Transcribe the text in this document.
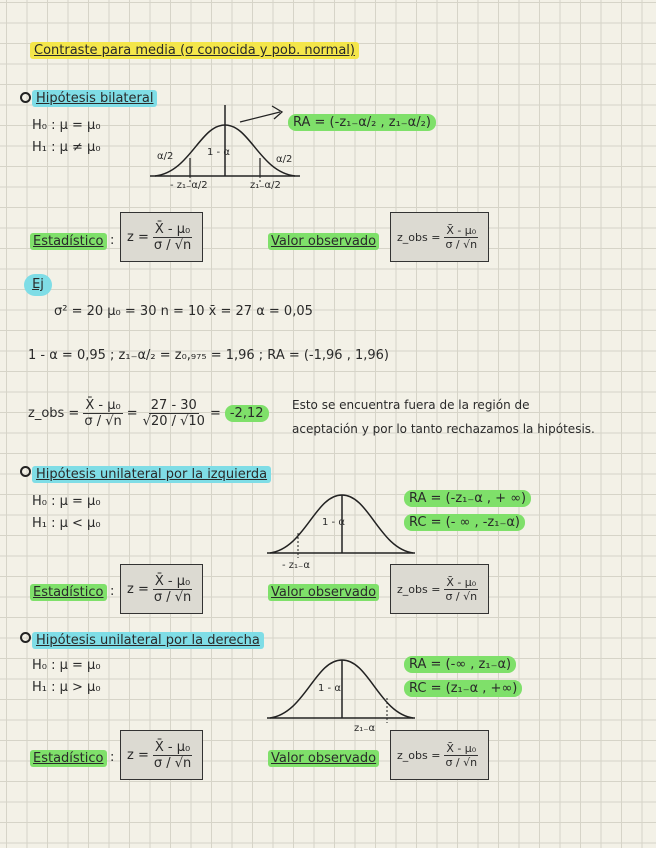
Contraste para media (σ conocida y pob. normal)
Hipótesis bilateral
H₀ : μ = μ₀
H₁ : μ ≠ μ₀
α/2	α/2
1 - α
- z₁₋α/2	z₁₋α/2
RA = (-z₁₋α/₂ , z₁₋α/₂)
Estadístico : $z = \frac{\text{X̄ - μ₀}}{\sigma / √n}$	Valor observado z_obs = $\frac{\text{X̄ - μ₀}}{\sigma / √n}$
Ej
σ² = 20 μ₀ = 30 n = 10 x̄ = 27 α = 0,05
1 - α = 0,95 ; z₁₋α/₂ = z₀,₉₇₅ = 1,96 ; RA = (-1,96 , 1,96)
z_obs = $\frac{\text{X̄ - μ₀}}{\sigma / √n} = \frac{27 - 30}{√20 / √10} = -2,12$
Esto se encuentra fuera de la región de
aceptación y por lo tanto rechazamos la hipótesis.
Hipótesis unilateral por la izquierda
H₀ : μ = μ₀
H₁ : μ < μ₀	1 - α
- z₁₋α
RA = (-z₁₋α , + ∞)
RC = (- ∞ , -z₁₋α)
Estadístico : $z = \frac{\text{X̄ - μ₀}}{\sigma / √n}$	Valor observado z_obs = $\frac{\text{X̄ - μ₀}}{\sigma / √n}$
Hipótesis unilateral por la derecha
H₀ : μ = μ₀
H₁ : μ > μ₀	1 - α
z₁₋α
RA = (-∞ , z₁₋α)
RC = (z₁₋α , +∞)
Estadístico : $z = \frac{\text{X̄ - μ₀}}{\sigma / √n}$	Valor observado z_obs = $\frac{\text{X̄ - μ₀}}{\sigma / √n}$
